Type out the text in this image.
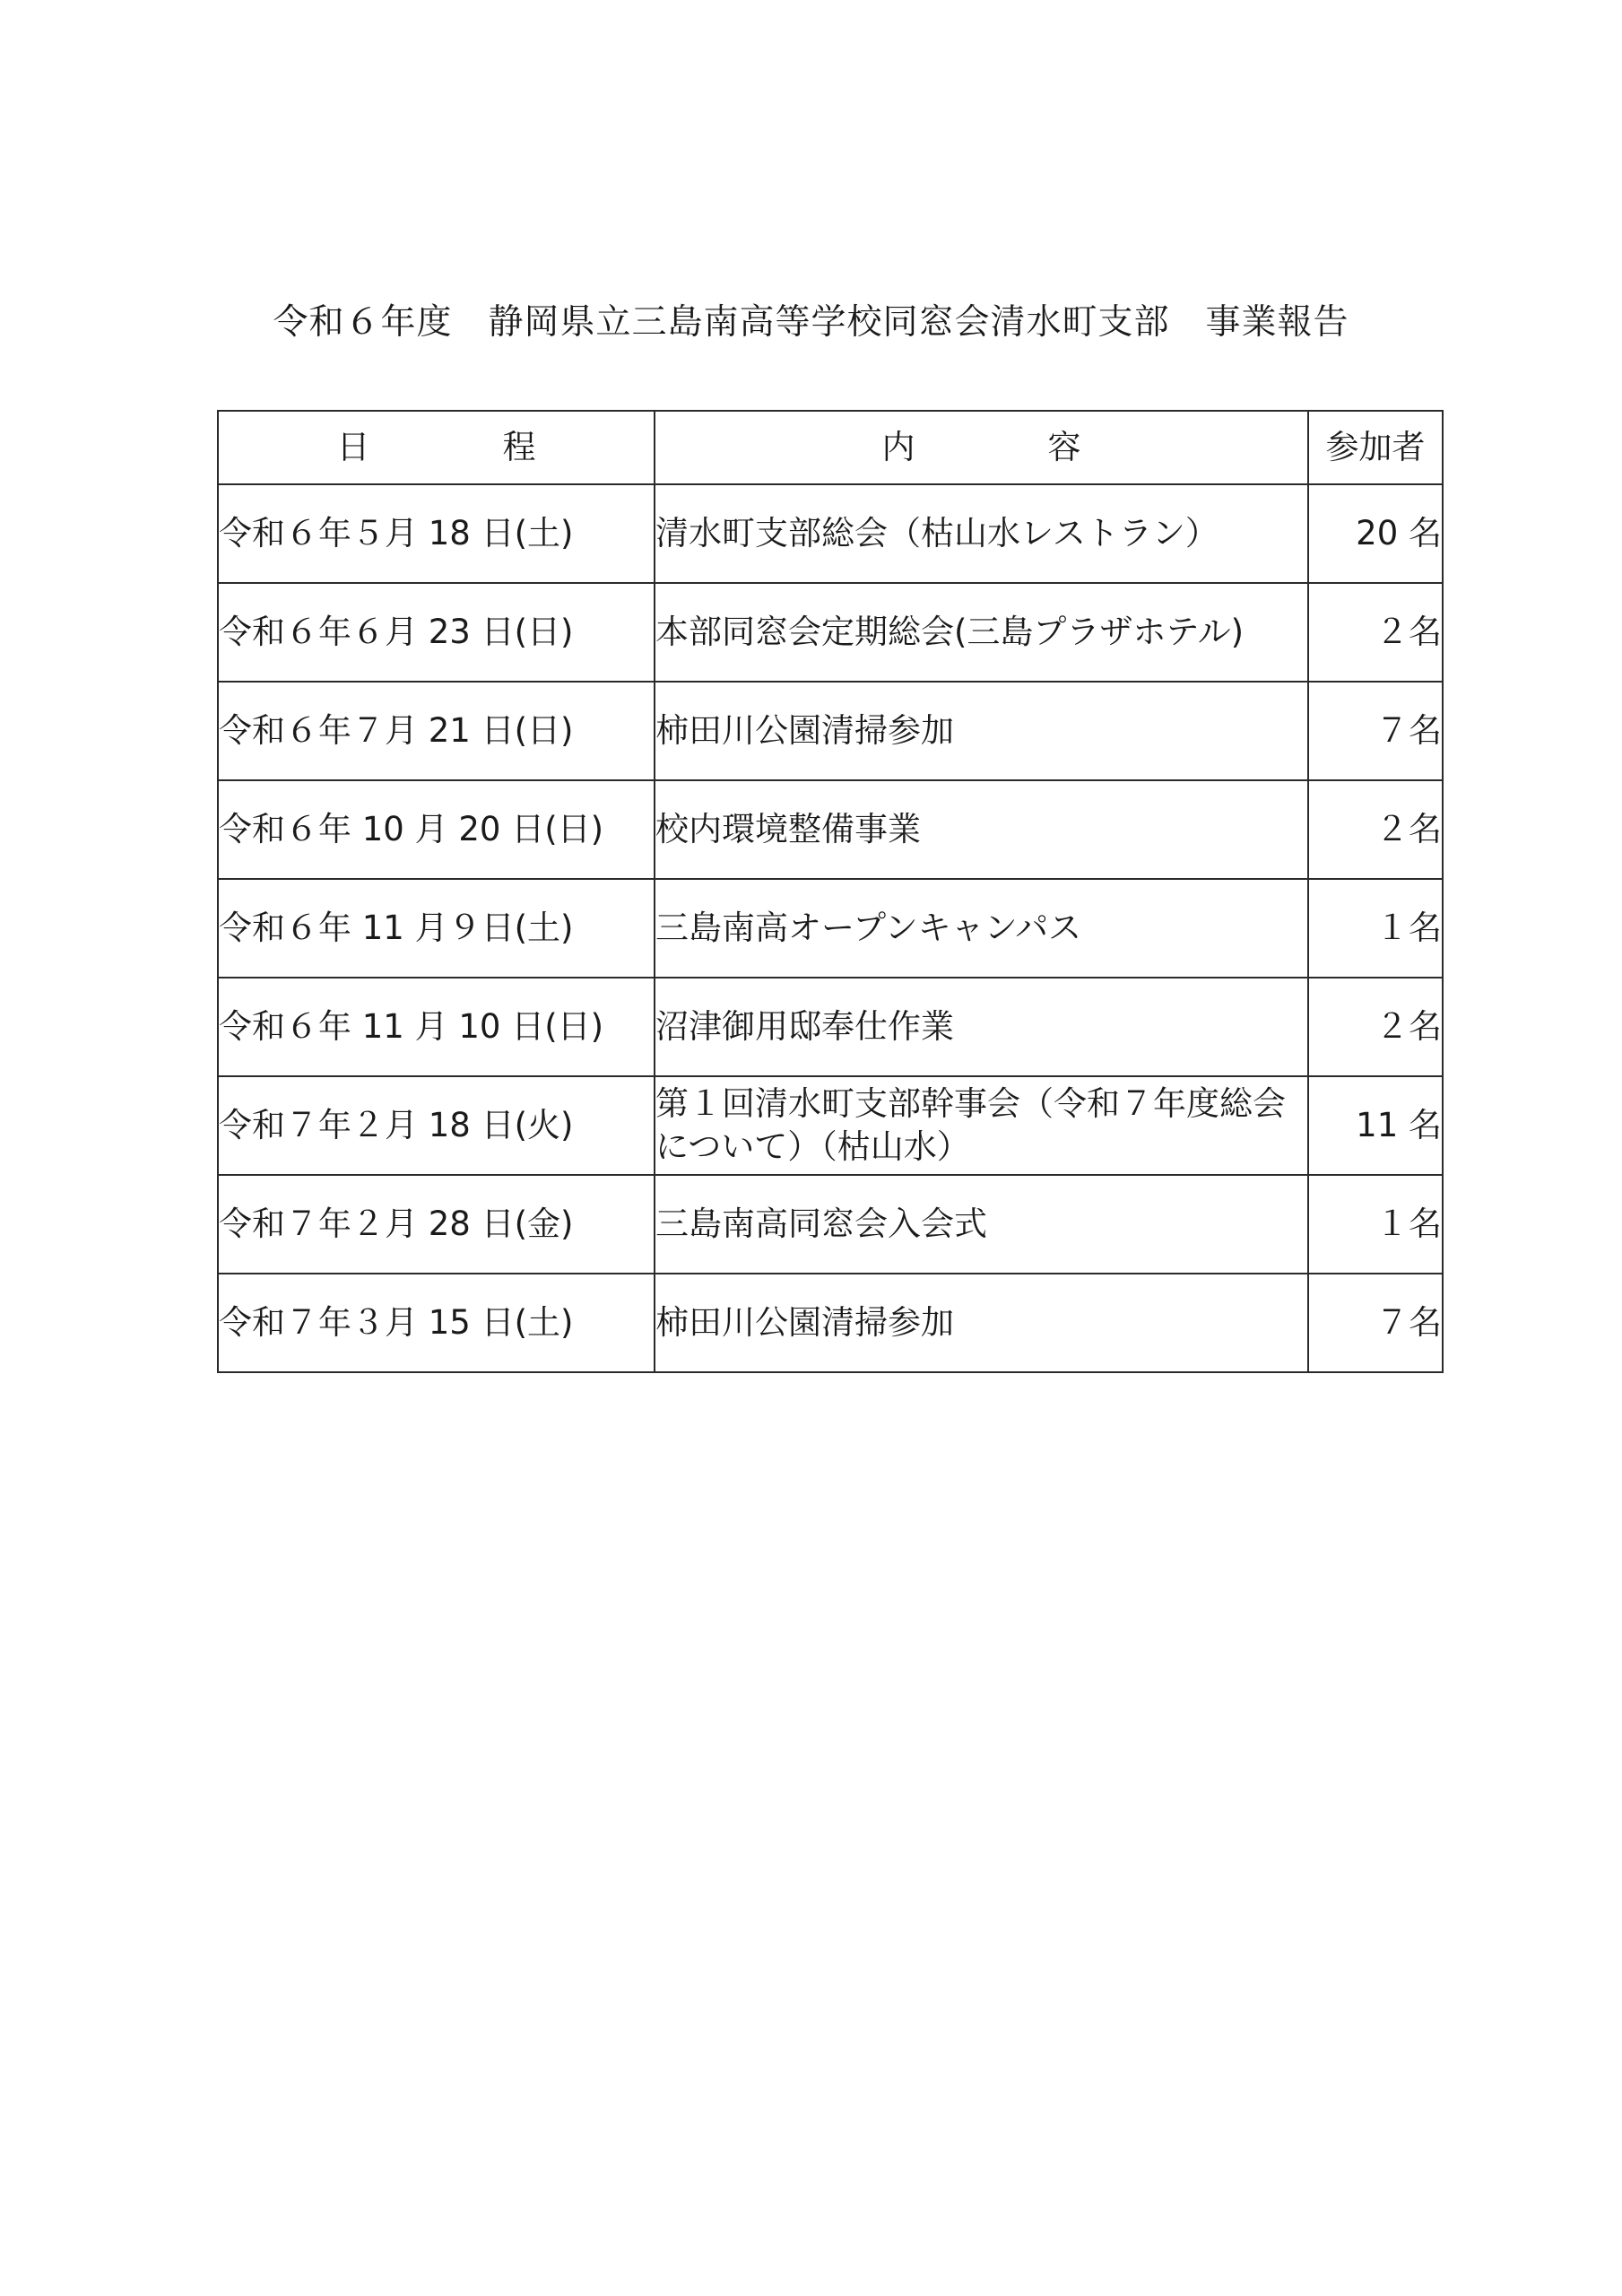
令和６年度　静岡県立三島南高等学校同窓会清水町支部　事業報告
日　　　　程	内　　　　容	参加者
令和６年５月 18 日(土)	清水町支部総会（枯山水レストラン）	20 名
令和６年６月 23 日(日)	本部同窓会定期総会(三島プラザホテル)	２名
令和６年７月 21 日(日)	柿田川公園清掃参加	７名
令和６年 10 月 20 日(日)	校内環境整備事業	２名
令和６年 11 月９日(土)	三島南高オープンキャンパス	１名
令和６年 11 月 10 日(日)	沼津御用邸奉仕作業	２名
令和７年２月 18 日(火)	第１回清水町支部幹事会（令和７年度総会について）（枯山水）	11 名
令和７年２月 28 日(金)	三島南高同窓会入会式	１名
令和７年３月 15 日(土)	柿田川公園清掃参加	７名
